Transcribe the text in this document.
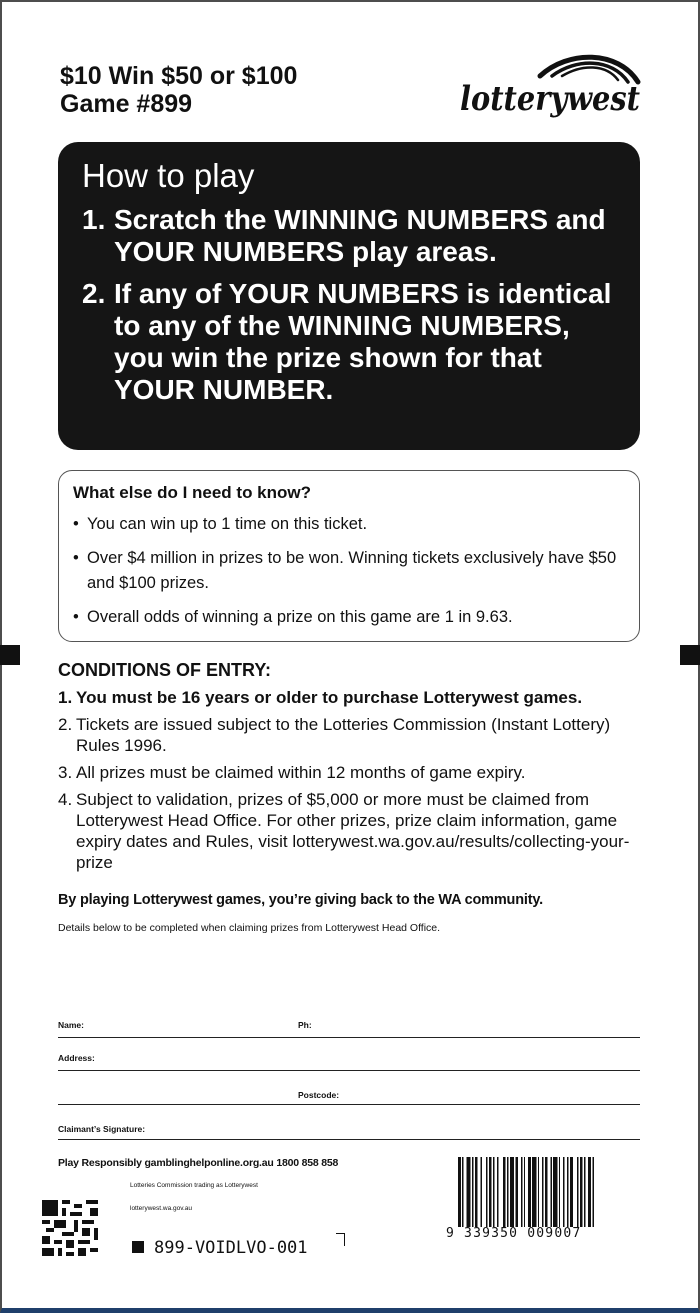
$10 Win $50 or $100
Game #899	lotterywest
How to play
1. Scratch the WINNING NUMBERS and YOUR NUMBERS play areas.
2. If any of YOUR NUMBERS is identical to any of the WINNING NUMBERS, you win the prize shown for that YOUR NUMBER.
What else do I need to know?
• You can win up to 1 time on this ticket.
• Over $4 million in prizes to be won. Winning tickets exclusively have $50 and $100 prizes.
• Overall odds of winning a prize on this game are 1 in 9.63.
CONDITIONS OF ENTRY:
1. You must be 16 years or older to purchase Lotterywest games.
2. Tickets are issued subject to the Lotteries Commission (Instant Lottery) Rules 1996.
3. All prizes must be claimed within 12 months of game expiry.
4. Subject to validation, prizes of $5,000 or more must be claimed from Lotterywest Head Office. For other prizes, prize claim information, game expiry dates and Rules, visit lotterywest.wa.gov.au/results/collecting-your-prize
By playing Lotterywest games, you’re giving back to the WA community.
Details below to be completed when claiming prizes from Lotterywest Head Office.
Name:	Ph:
Address:
Postcode:
Claimant’s Signature:
Play Responsibly gamblinghelponline.org.au 1800 858 858
Lotteries Commission trading as Lotterywest
lotterywest.wa.gov.au
899-VOIDLVO-001
9 339350 009007
